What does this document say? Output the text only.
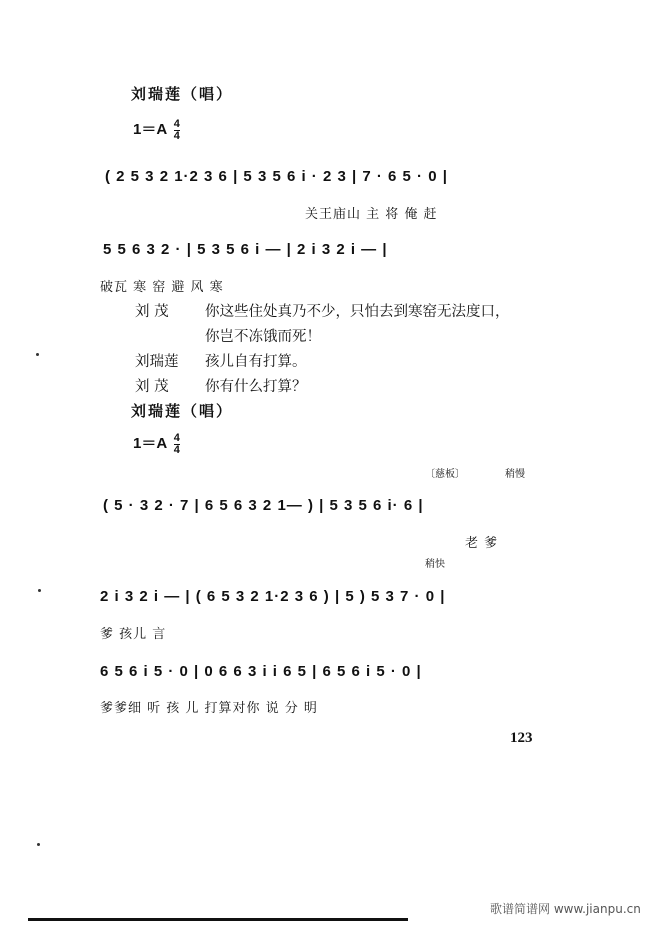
刘瑞莲（唱）
$1=A \frac{4}{4}$
( 2 5 3 2 1·2 3 6 | 5 3 5 6 i · 2 3 | 7 · 6 5 · 0 |
关王庙山 主 将 俺 赶
5 5 6 3 2 · | 5 3 5 6 i — | 2 i 3 2 i — |
破瓦 寒 窑 避 风 寒
刘 茂	你这些住处真乃不少，只怕去到寒窑无法度口，
你岂不冻饿而死！
刘瑞莲 孩儿自有打算。
刘 茂	你有什么打算？
刘瑞莲（唱）
$1=A \frac{4}{4}$
〔慈板〕	稍慢
( 5 · 3 2 · 7 | 6 5 6 3 2 1— ) | 5 3 5 6 i· 6 |
老 爹
稍快
2 i 3 2 i — | ( 6 5 3 2 1·2 3 6 ) | 5 ) 5 3 7 · 0 |
爹 孩儿 言
6 5 6 i 5 · 0 | 0 6 6 3 i i 6 5 | 6 5 6 i 5 · 0 |
爹爹细 听 孩 儿 打算对你 说 分 明
123
歌谱简谱网 www.jianpu.cn
